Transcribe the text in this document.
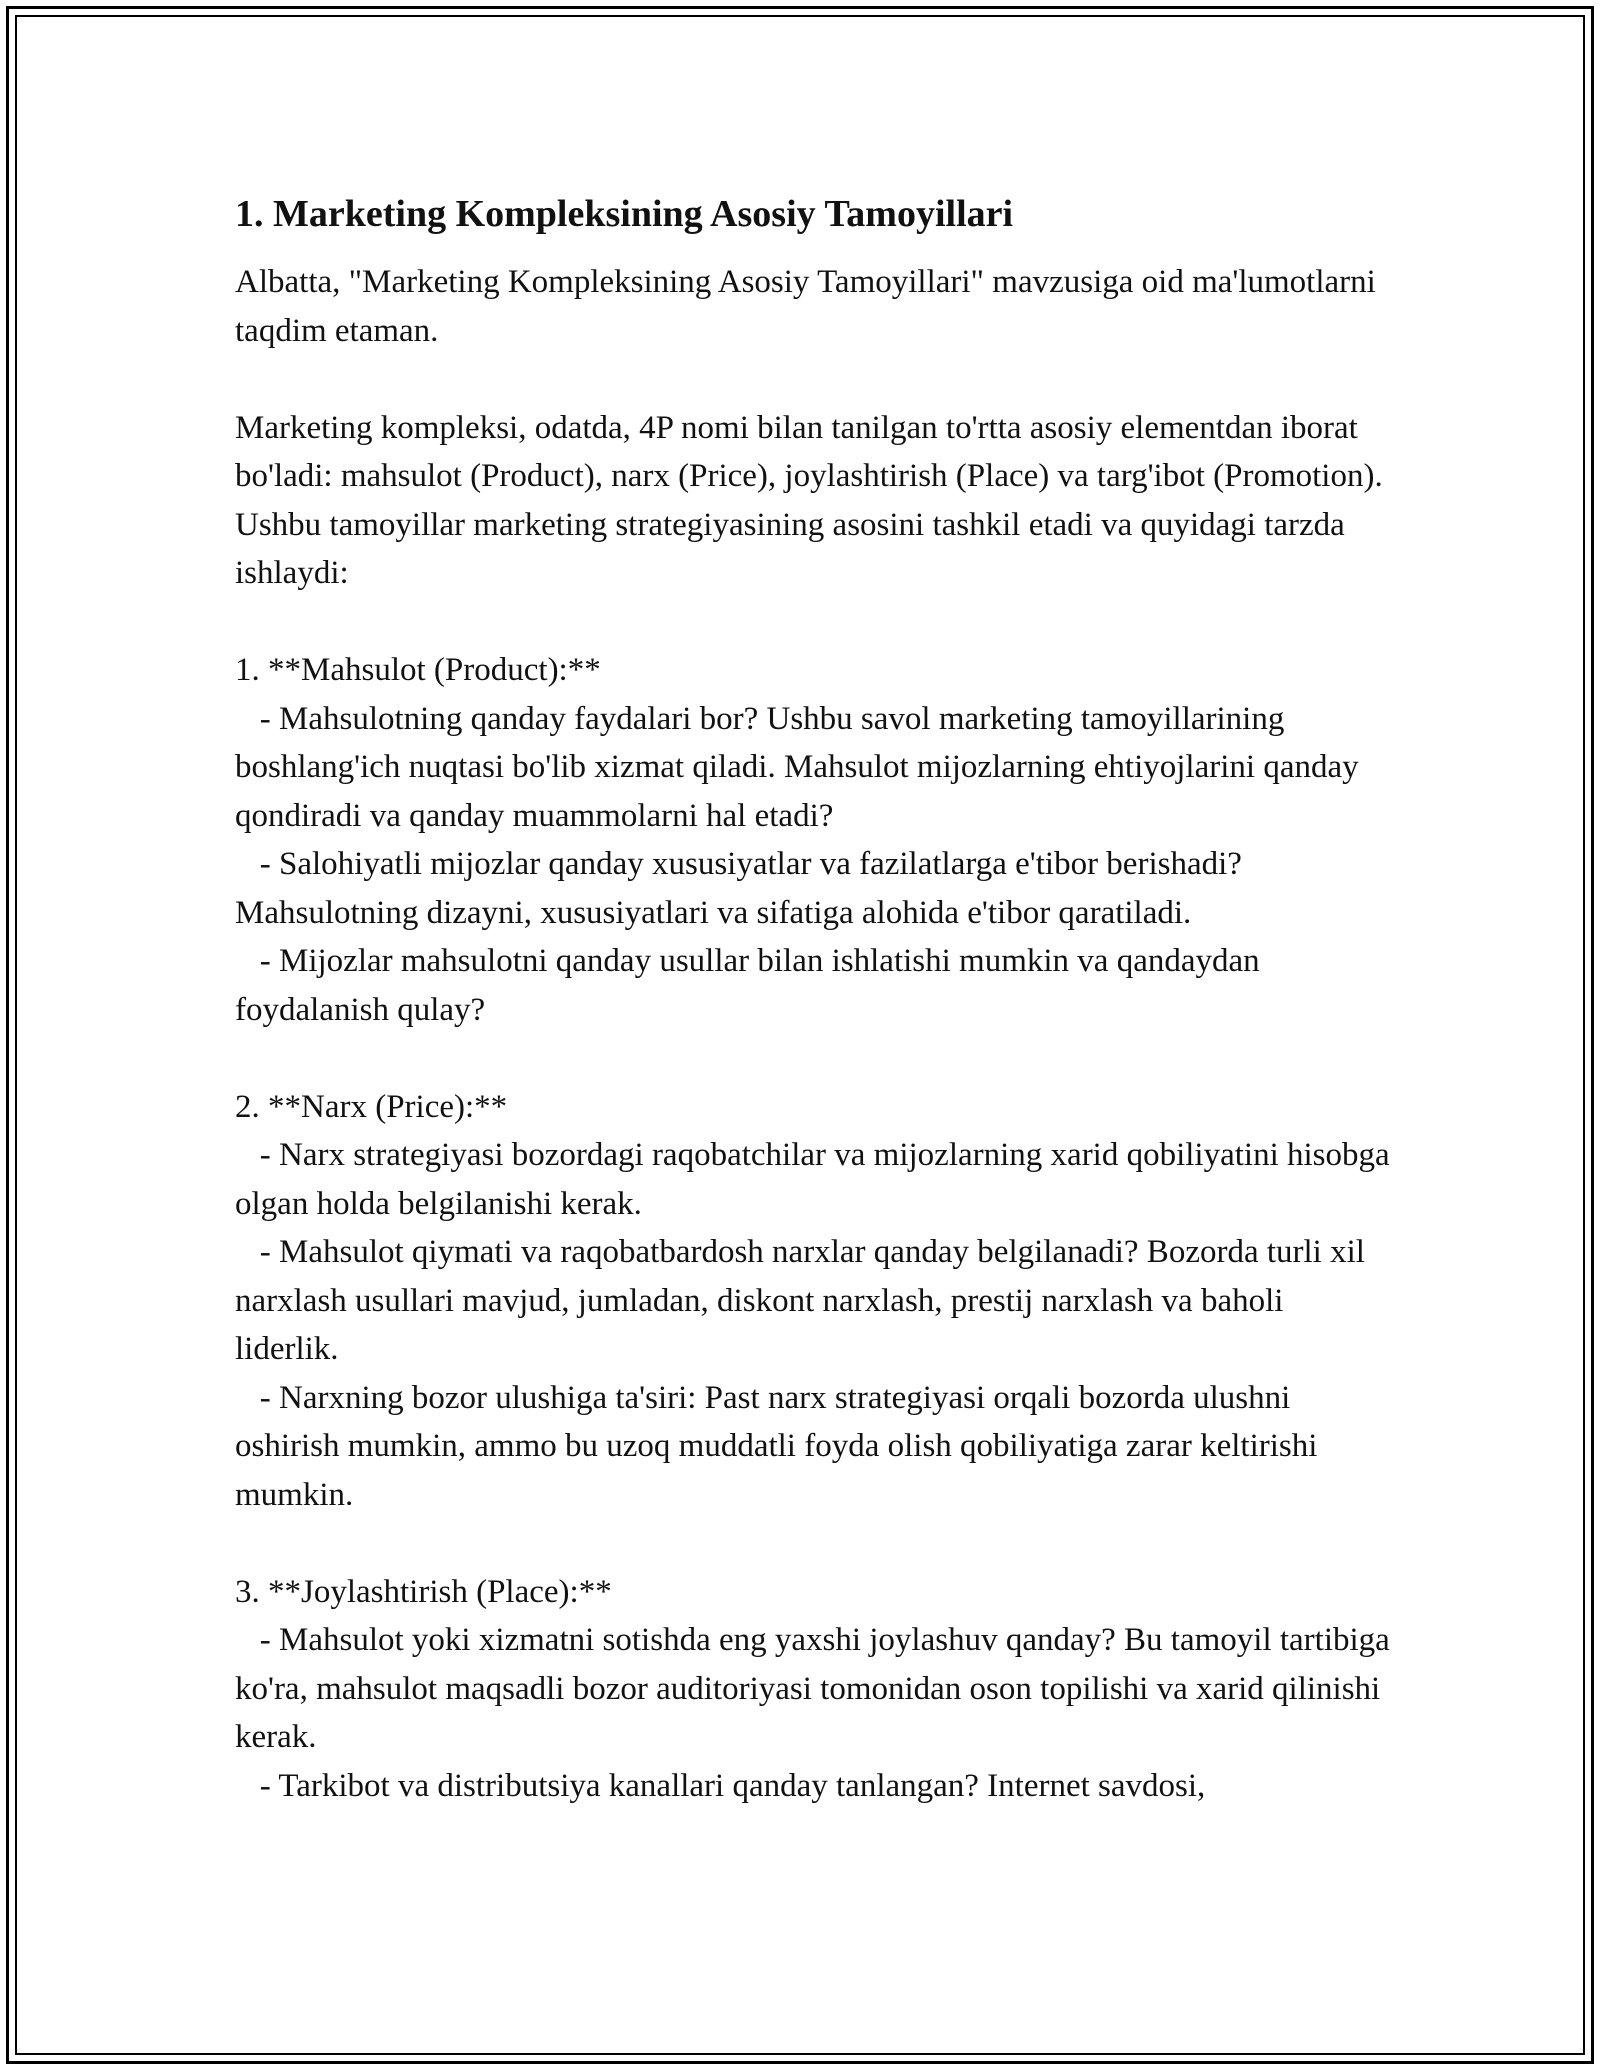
1. Marketing Kompleksining Asosiy Tamoyillari

Albatta, "Marketing Kompleksining Asosiy Tamoyillari" mavzusiga oid ma'lumotlarni taqdim etaman.

Marketing kompleksi, odatda, 4P nomi bilan tanilgan to'rtta asosiy elementdan iborat bo'ladi: mahsulot (Product), narx (Price), joylashtirish (Place) va targ'ibot (Promotion). Ushbu tamoyillar marketing strategiyasining asosini tashkil etadi va quyidagi tarzda ishlaydi:

1. **Mahsulot (Product):**

- Mahsulotning qanday faydalari bor? Ushbu savol marketing tamoyillarining boshlang'ich nuqtasi bo'lib xizmat qiladi. Mahsulot mijozlarning ehtiyojlarini qanday qondiradi va qanday muammolarni hal etadi?

- Salohiyatli mijozlar qanday xususiyatlar va fazilatlarga e'tibor berishadi? Mahsulotning dizayni, xususiyatlari va sifatiga alohida e'tibor qaratiladi.

- Mijozlar mahsulotni qanday usullar bilan ishlatishi mumkin va qandaydan foydalanish qulay?

2. **Narx (Price):**

- Narx strategiyasi bozordagi raqobatchilar va mijozlarning xarid qobiliyatini hisobga olgan holda belgilanishi kerak.

- Mahsulot qiymati va raqobatbardosh narxlar qanday belgilanadi? Bozorda turli xil narxlash usullari mavjud, jumladan, diskont narxlash, prestij narxlash va baholi liderlik.

- Narxning bozor ulushiga ta'siri: Past narx strategiyasi orqali bozorda ulushni oshirish mumkin, ammo bu uzoq muddatli foyda olish qobiliyatiga zarar keltirishi mumkin.

3. **Joylashtirish (Place):**

- Mahsulot yoki xizmatni sotishda eng yaxshi joylashuv qanday? Bu tamoyil tartibiga ko'ra, mahsulot maqsadli bozor auditoriyasi tomonidan oson topilishi va xarid qilinishi kerak.

- Tarkibot va distributsiya kanallari qanday tanlangan? Internet savdosi,
